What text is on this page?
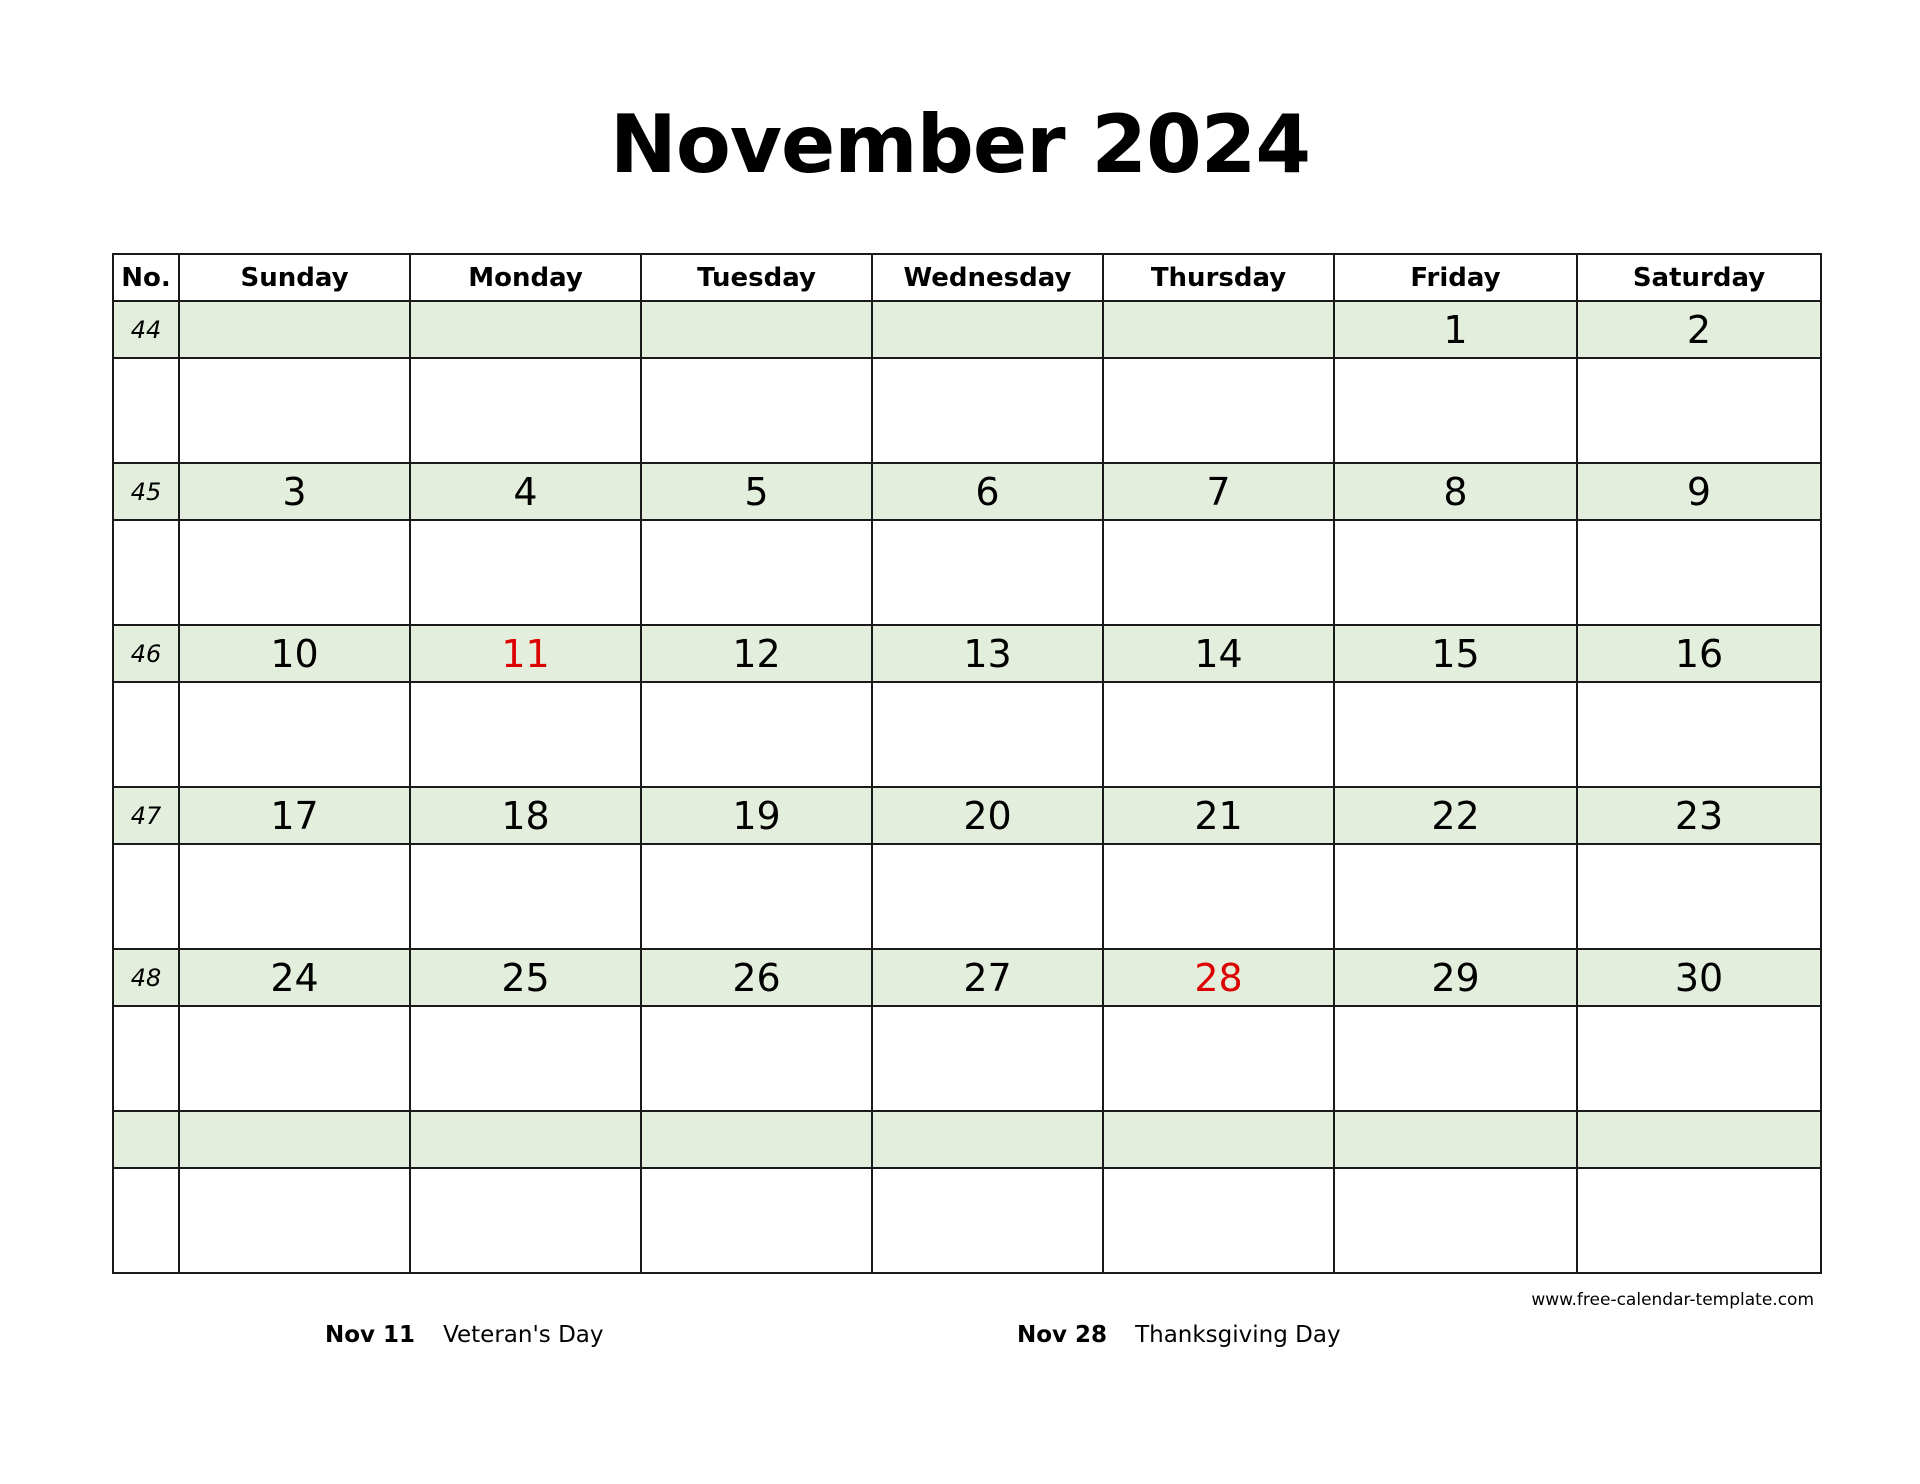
November 2024
No.	Sunday	Monday	Tuesday	Wednesday	Thursday	Friday	Saturday
44						1	2

45	3	4	5	6	7	8	9

46	10	11	12	13	14	15	16

47	17	18	19	20	21	22	23

48	24	25	26	27	28	29	30

www.free-calendar-template.com
Nov 11 Veteran's Day	Nov 28 Thanksgiving Day
